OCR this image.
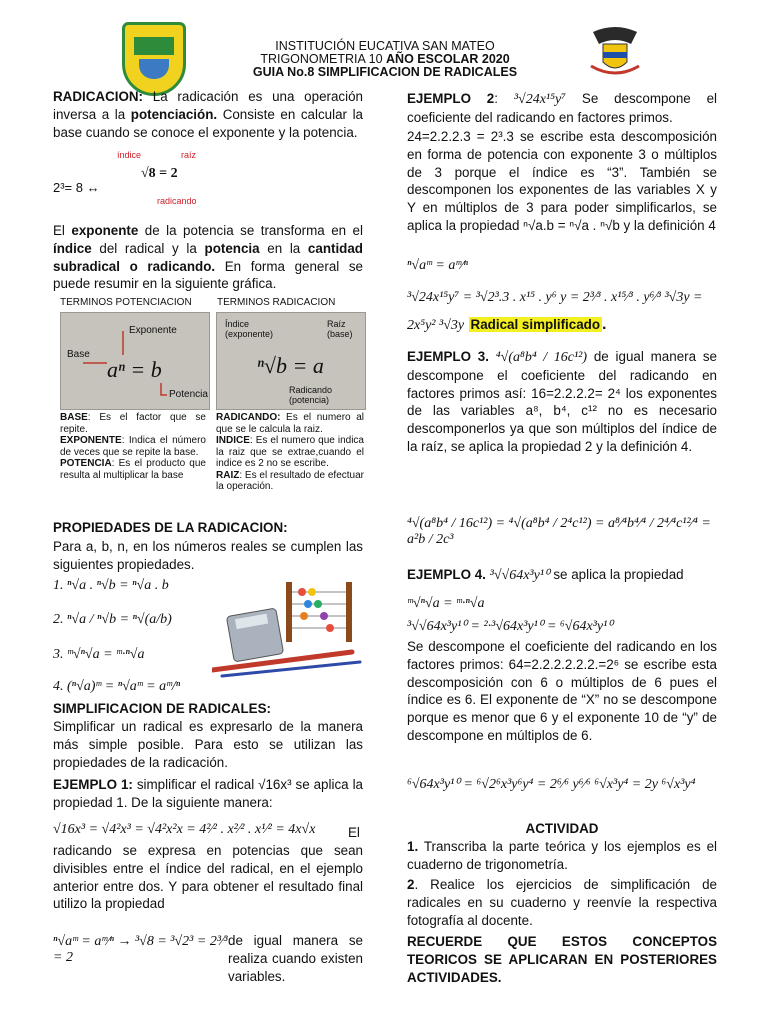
INSTITUCIÓN EUCATIVA SAN MATEO
TRIGONOMETRIA 10 AÑO ESCOLAR 2020
GUIA No.8 SIMPLIFICACION DE RADICALES
RADICACION: La radicación es una operación inversa a la potenciación. Consiste en calcular la base cuando se conoce el exponente y la potencia.
índice	raíz
√8 = 2
2³= 8 ↔
radicando
El exponente de la potencia se transforma en el índice del radical y la potencia en la cantidad subradical o radicando. En forma general se puede resumir en la siguiente gráfica.
TERMINOS POTENCIACION	TERMINOS RADICACION
Exponente
Base
aⁿ = b
Potencia
Índice (exponente)
Raíz (base)
ⁿ√b = a
Radicando (potencia)

BASE: Es el factor que se repite.

EXPONENTE: Indica el número de veces que se repite la base.

POTENCIA: Es el producto que resulta al multiplicar la base

RADICANDO: Es el numero al que se le calcula la raiz.

INDICE: Es el numero que indica la raiz que se extrae,cuando el indice es 2 no se escribe.

RAIZ: Es el resultado de efectuar la operación.

PROPIEDADES DE LA RADICACION:
Para a, b, n, en los números reales se cumplen las siguientes propiedades.
1. ⁿ√a . ⁿ√b = ⁿ√a . b
2. ⁿ√a / ⁿ√b = ⁿ√(a/b)
3. ᵐ√ⁿ√a = ᵐ·ⁿ√a
4. (ⁿ√a)ᵐ = ⁿ√aᵐ = aᵐ/ⁿ
SIMPLIFICACION DE RADICALES:
Simplificar un radical es expresarlo de la manera más simple posible. Para esto se utilizan las propiedades de la radicación.
EJEMPLO 1: simplificar el radical √16x³ se aplica la propiedad 1. De la siguiente manera:
√16x³ = √4²x³ = √4²x²x = 4²⁄² . x²⁄² . x¹⁄² = 4x√x	El
radicando se expresa en potencias que sean divisibles entre el índice del radical, en el ejemplo anterior entre dos. Y para obtener el resultado final utilizo la propiedad
ⁿ√aᵐ = aᵐ⁄ⁿ → ³√8 = ³√2³ = 2³⁄³ = 2
de igual manera se realiza cuando existen variables.
EJEMPLO 2: ³√24x¹⁵y⁷ Se descompone el coeficiente del radicando en factores primos.
24=2.2.2.3 = 2³.3 se escribe esta descomposición en forma de potencia con exponente 3 o múltiplos de 3 porque el índice es “3”. También se descomponen los exponentes de las variables X y Y en múltiplos de 3 para poder simplificarlos, se aplica la propiedad ⁿ√a.b = ⁿ√a . ⁿ√b y la definición 4
ⁿ√aᵐ = aᵐ⁄ⁿ
³√24x¹⁵y⁷ = ³√2³.3 . x¹⁵ . y⁶ y = 2³⁄³ . x¹⁵⁄³ . y⁶⁄³ ³√3y =
2x⁵y² ³√3y Radical simplificado .
EJEMPLO 3. ⁴√(a⁸b⁴ / 16c¹²) de igual manera se descompone el coeficiente del radicando en factores primos así: 16=2.2.2.2= 2⁴ los exponentes de las variables a⁸, b⁴, c¹² no es necesario descomponerlos ya que son múltiplos del índice de la raíz, se aplica la propiedad 2 y la definición 4.
⁴√(a⁸b⁴ / 16c¹²) = ⁴√(a⁸b⁴ / 2⁴c¹²) = a⁸⁄⁴b⁴⁄⁴ / 2⁴⁄⁴c¹²⁄⁴ = a²b / 2c³
EJEMPLO 4. ³√√64x³y¹⁰ se aplica la propiedad
ᵐ√ⁿ√a = ᵐ·ⁿ√a
³√√64x³y¹⁰ = ²·³√64x³y¹⁰ = ⁶√64x³y¹⁰
Se descompone el coeficiente del radicando en los factores primos: 64=2.2.2.2.2.2.=2⁶ se escribe esta descomposición con 6 o múltiplos de 6 pues el índice es 6. El exponente de “X” no se descompone porque es menor que 6 y el exponente 10 de “y” de descompone en múltiplos de 6.
⁶√64x³y¹⁰ = ⁶√2⁶x³y⁶y⁴ = 2⁶⁄⁶ y⁶⁄⁶ ⁶√x³y⁴ = 2y ⁶√x³y⁴
ACTIVIDAD
1. Transcriba la parte teórica y los ejemplos es el cuaderno de trigonometría.
2. Realice los ejercicios de simplificación de radicales en su cuaderno y reenvíe la respectiva fotografía al docente.
RECUERDE QUE ESTOS CONCEPTOS TEORICOS SE APLICARAN EN POSTERIORES ACTIVIDADES.
